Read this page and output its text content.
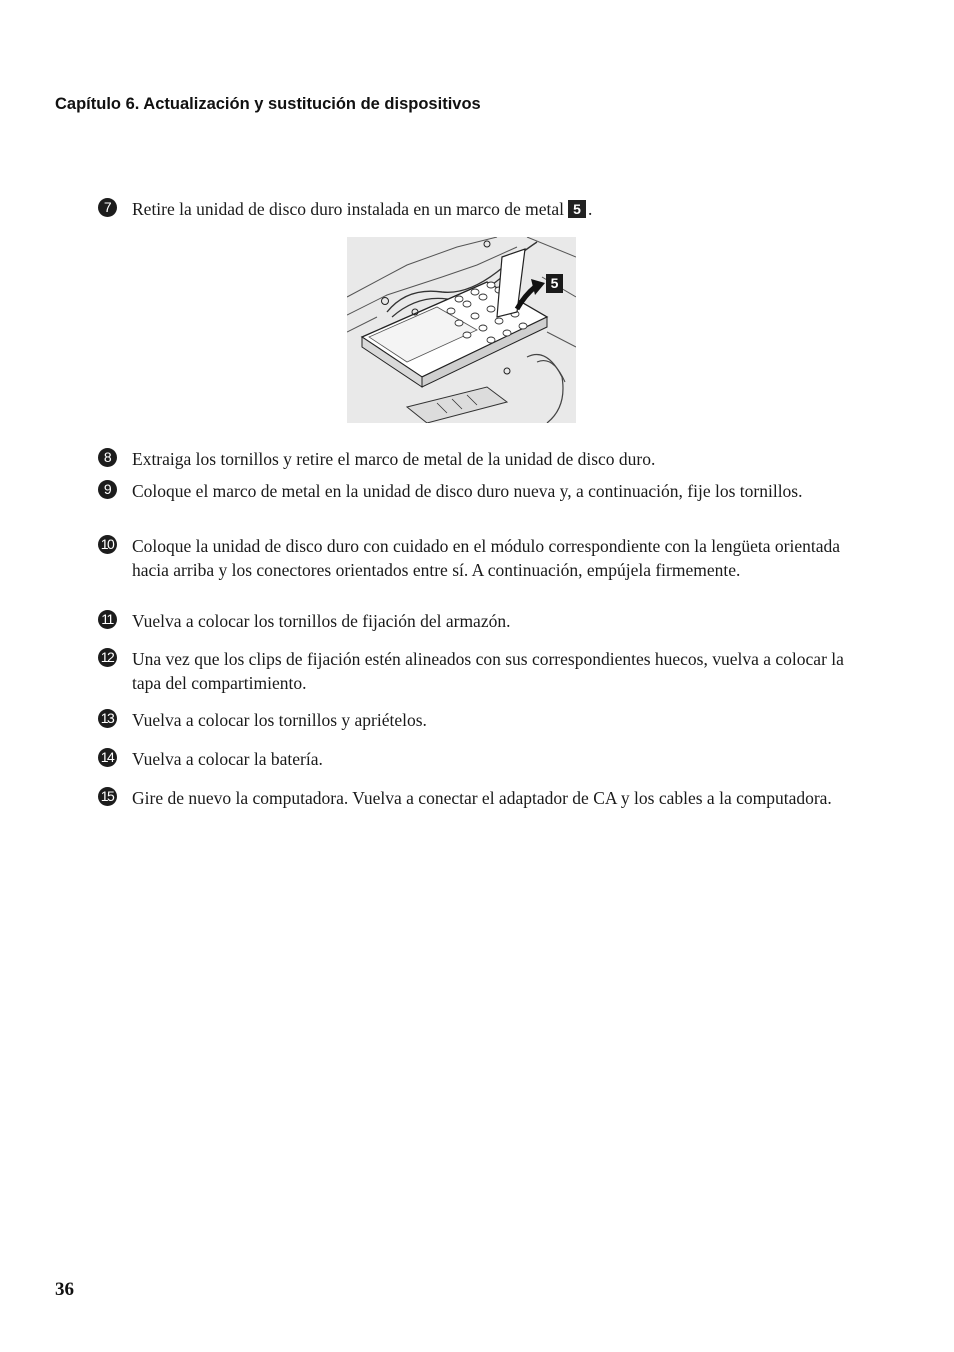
Capítulo 6. Actualización y sustitución de dispositivos
7	Retire la unidad de disco duro instalada en un marco de metal 5 .
5
8	Extraiga los tornillos y retire el marco de metal de la unidad de disco duro.
9	Coloque el marco de metal en la unidad de disco duro nueva y, a continuación, fije los tornillos.
10 Coloque la unidad de disco duro con cuidado en el módulo correspondiente con la lengüeta orientada hacia arriba y los conectores orientados entre sí. A continuación, empújela firmemente.
11 Vuelva a colocar los tornillos de fijación del armazón.
12 Una vez que los clips de fijación estén alineados con sus correspondientes huecos, vuelva a colocar la tapa del compartimiento.
13 Vuelva a colocar los tornillos y apriételos.
14 Vuelva a colocar la batería.
15 Gire de nuevo la computadora. Vuelva a conectar el adaptador de CA y los cables a la computadora.
36
